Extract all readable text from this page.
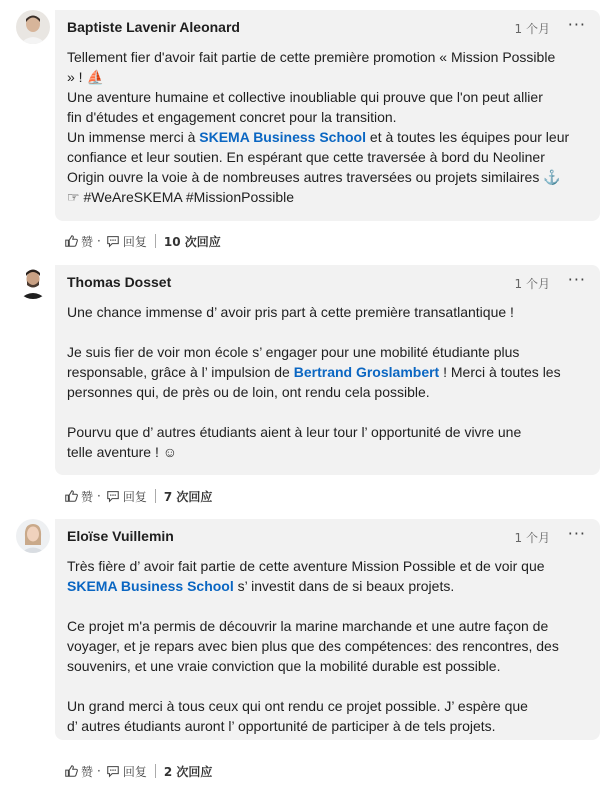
Baptiste Lavenir Aleonard	1 个月 ···
Tellement fier d'avoir fait partie de cette première promotion « Mission Possible
» ! ⛵
Une aventure humaine et collective inoubliable qui prouve que l'on peut allier
fin d'études et engagement concret pour la transition.
Un immense merci à SKEMA Business School et à toutes les équipes pour leur
confiance et leur soutien. En espérant que cette traversée à bord du Neoliner
Origin ouvre la voie à de nombreuses autres traversées ou projets similaires ⚓
☞ #WeAreSKEMA #MissionPossible
赞 · 回复 10 次回应
Thomas Dosset	1 个月 ···
Une chance immense d’ avoir pris part à cette première transatlantique !
Je suis fier de voir mon école s’ engager pour une mobilité étudiante plus
responsable, grâce à l’ impulsion de Bertrand Groslambert ! Merci à toutes les
personnes qui, de près ou de loin, ont rendu cela possible.
Pourvu que d’ autres étudiants aient à leur tour l’ opportunité de vivre une
telle aventure ! ☺
赞 · 回复 7 次回应
Eloïse Vuillemin	1 个月 ···
Très fière d’ avoir fait partie de cette aventure Mission Possible et de voir que
SKEMA Business School s’ investit dans de si beaux projets.
Ce projet m'a permis de découvrir la marine marchande et une autre façon de
voyager, et je repars avec bien plus que des compétences: des rencontres, des
souvenirs, et une vraie conviction que la mobilité durable est possible.
Un grand merci à tous ceux qui ont rendu ce projet possible. J’ espère que
d’ autres étudiants auront l’ opportunité de participer à de tels projets.
赞 · 回复 2 次回应
